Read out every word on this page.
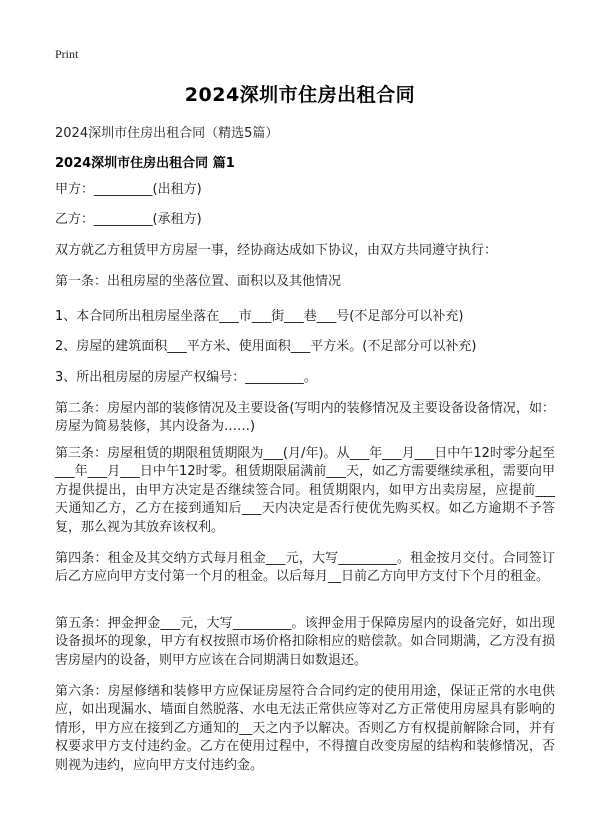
Print
2024深圳市住房出租合同
2024深圳市住房出租合同（精选5篇）
2024深圳市住房出租合同 篇1
甲方：_________(出租方)
乙方：_________(承租方)
双方就乙方租赁甲方房屋一事，经协商达成如下协议，由双方共同遵守执行：
第一条：出租房屋的坐落位置、面积以及其他情况
1、本合同所出租房屋坐落在___市___街___巷___号(不足部分可以补充)
2、房屋的建筑面积___平方米、使用面积___平方米。(不足部分可以补充)
3、所出租房屋的房屋产权编号：_________。
第二条：房屋内部的装修情况及主要设备(写明内的装修情况及主要设备设备情况，如：房屋为简易装修，其内设备为……)
第三条：房屋租赁的期限租赁期限为___(月/年)。从___年___月___日中午12时零分起至___年___月___日中午12时零。租赁期限届满前___天，如乙方需要继续承租，需要向甲方提供提出，由甲方决定是否继续签合同。租赁期限内，如甲方出卖房屋，应提前___天通知乙方，乙方在接到通知后___天内决定是否行使优先购买权。如乙方逾期不予答复，那么视为其放弃该权利。
第四条：租金及其交纳方式每月租金___元，大写_________。租金按月交付。合同签订后乙方应向甲方支付第一个月的租金。以后每月__日前乙方向甲方支付下个月的租金。
第五条：押金押金___元，大写_________。该押金用于保障房屋内的设备完好，如出现设备损坏的现象，甲方有权按照市场价格扣除相应的赔偿款。如合同期满，乙方没有损害房屋内的设备，则甲方应该在合同期满日如数退还。
第六条：房屋修缮和装修甲方应保证房屋符合合同约定的使用用途，保证正常的水电供应，如出现漏水、墙面自然脱落、水电无法正常供应等对乙方正常使用房屋具有影响的情形，甲方应在接到乙方通知的__天之内予以解决。否则乙方有权提前解除合同，并有权要求甲方支付违约金。乙方在使用过程中，不得擅自改变房屋的结构和装修情况，否则视为违约，应向甲方支付违约金。
